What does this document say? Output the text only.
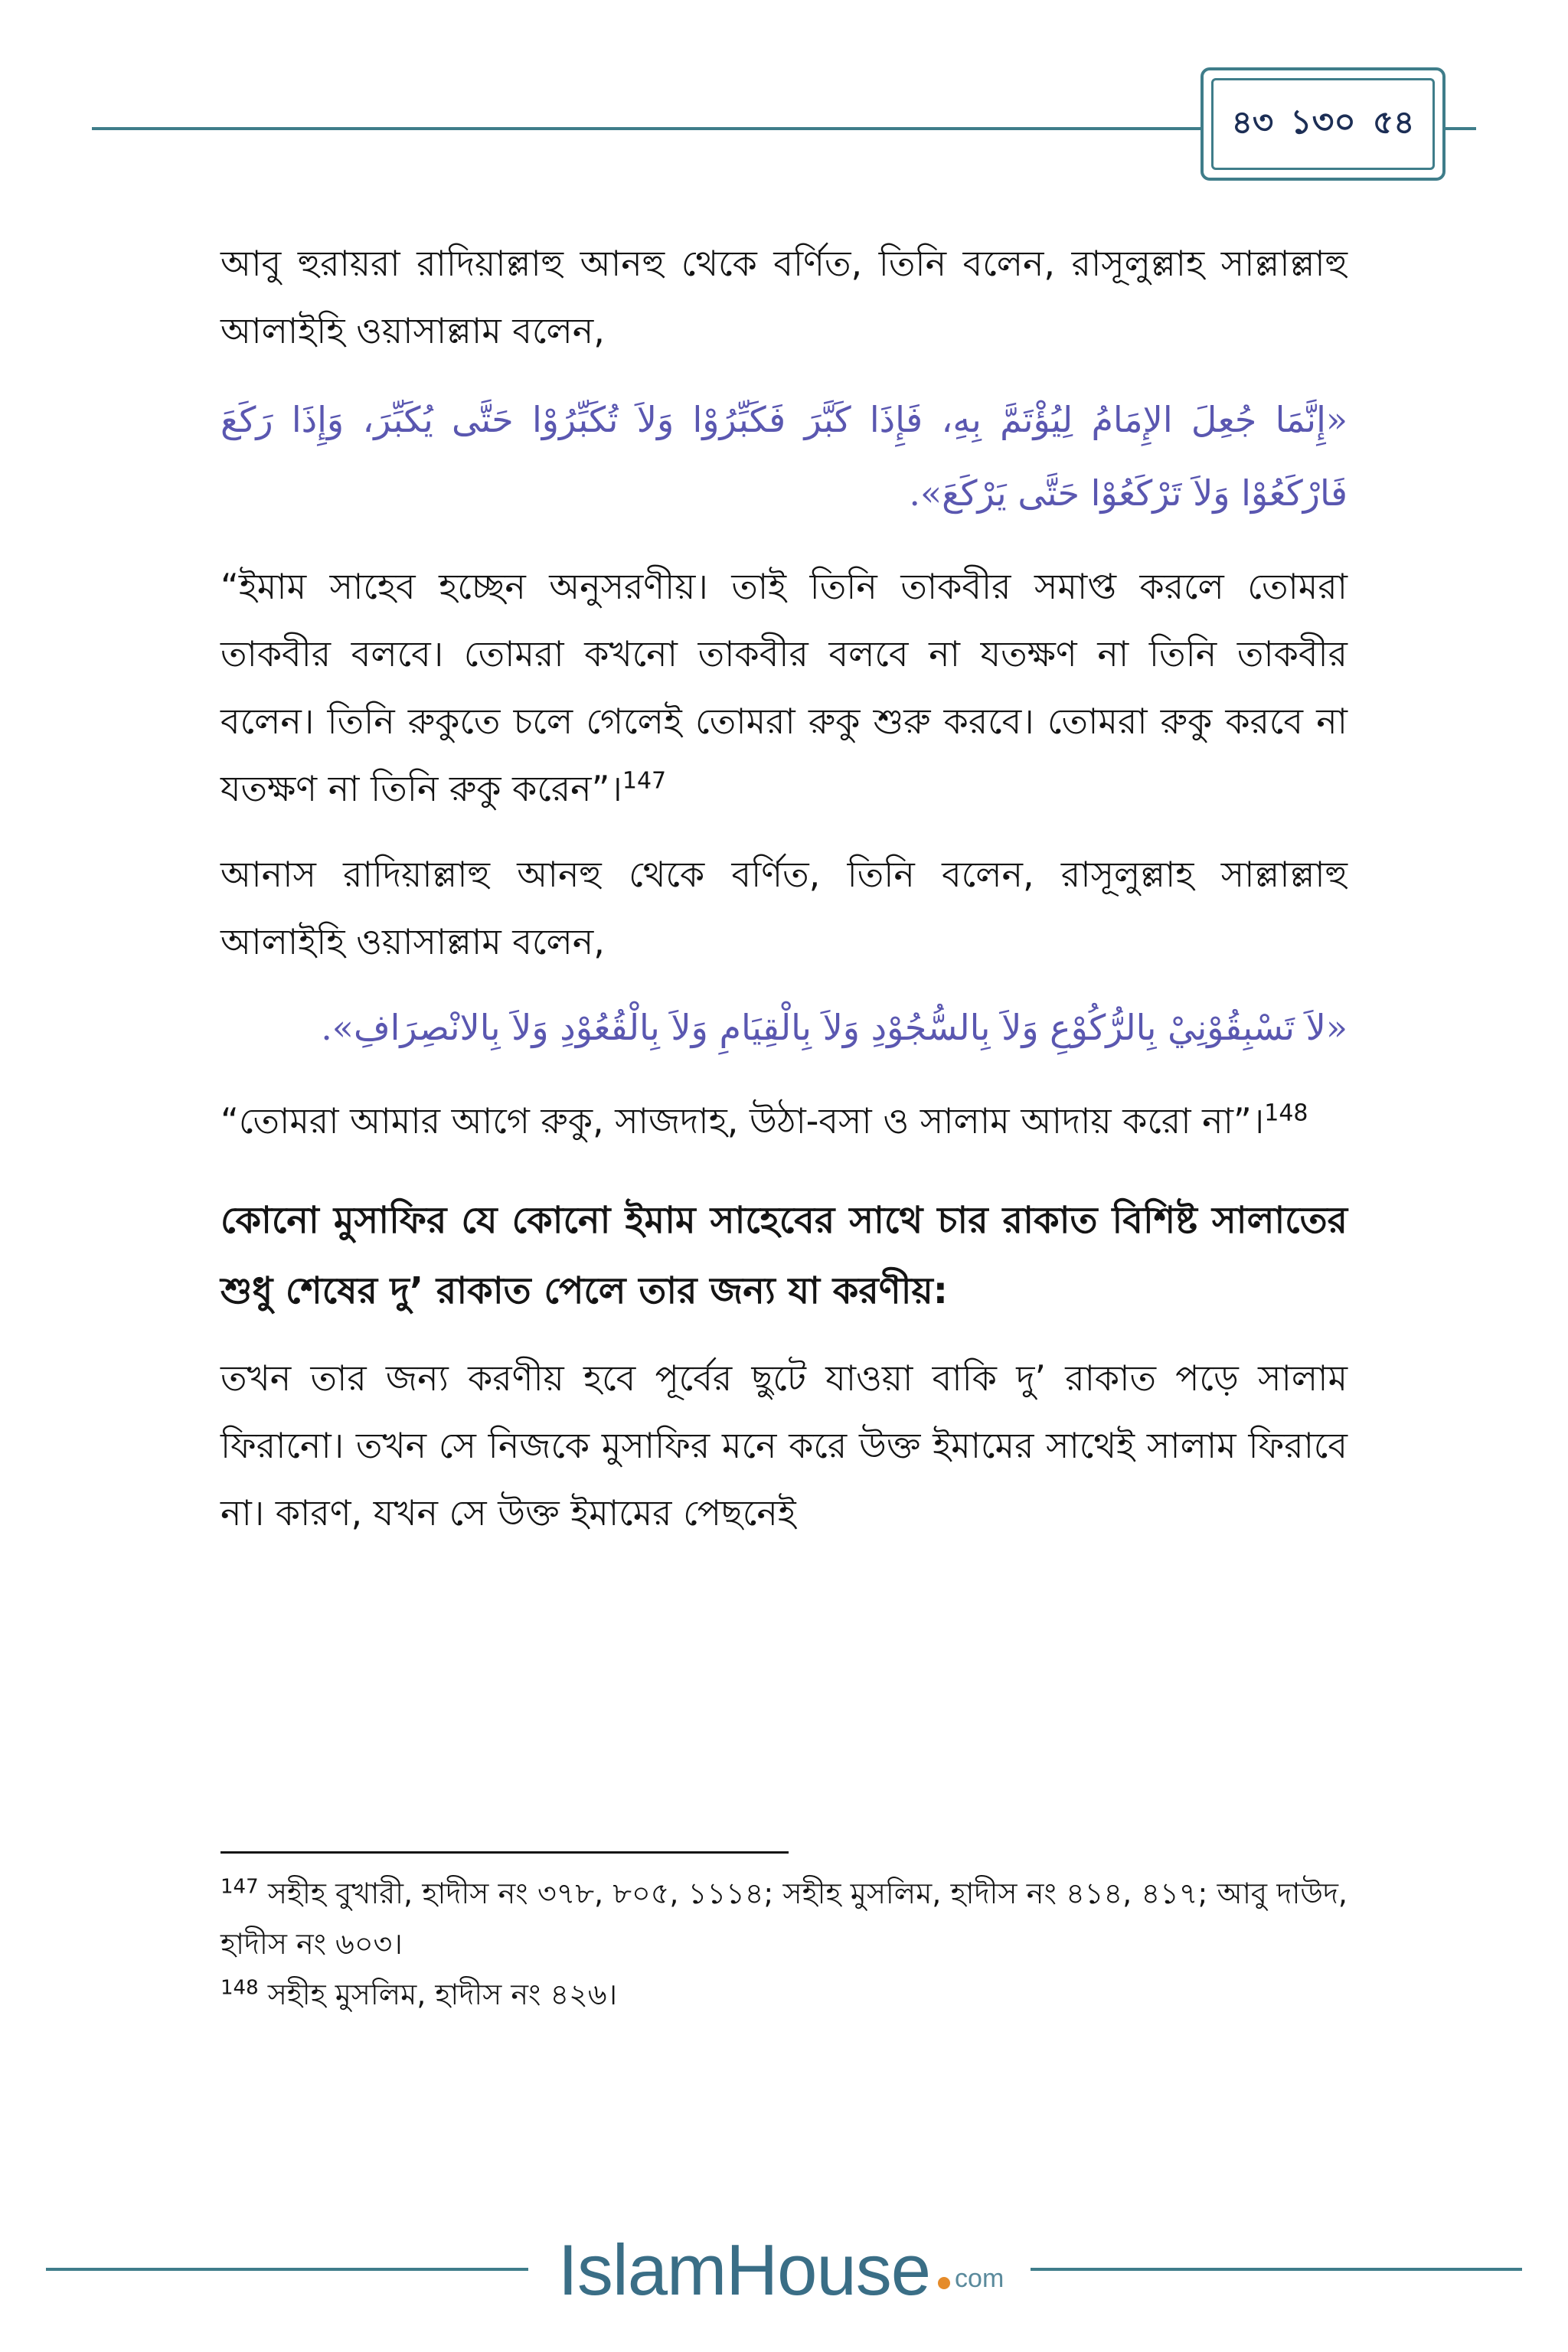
৪৩ ১৩০ ৫৪

আবু হুরায়রা রাদিয়াল্লাহু আনহু থেকে বর্ণিত, তিনি বলেন, রাসূলুল্লাহ সাল্লাল্লাহু আলাইহি ওয়াসাল্লাম বলেন,

«إِنَّمَا جُعِلَ الإِمَامُ لِيُؤْتَمَّ بِهِ، فَإِذَا كَبَّرَ فَكَبِّرُوْا وَلاَ تُكَبِّرُوْا حَتَّى يُكَبِّرَ، وَإِذَا رَكَعَ فَارْكَعُوْا وَلاَ تَرْكَعُوْا حَتَّى يَرْكَعَ».

“ইমাম সাহেব হচ্ছেন অনুসরণীয়। তাই তিনি তাকবীর সমাপ্ত করলে তোমরা তাকবীর বলবে। তোমরা কখনো তাকবীর বলবে না যতক্ষণ না তিনি তাকবীর বলেন। তিনি রুকুতে চলে গেলেই তোমরা রুকু শুরু করবে। তোমরা রুকু করবে না যতক্ষণ না তিনি রুকু করেন”।$^{147}$

আনাস রাদিয়াল্লাহু আনহু থেকে বর্ণিত, তিনি বলেন, রাসূলুল্লাহ সাল্লাল্লাহু আলাইহি ওয়াসাল্লাম বলেন,

«لاَ تَسْبِقُوْنِيْ بِالرُّكُوْعِ وَلاَ بِالسُّجُوْدِ وَلاَ بِالْقِيَامِ وَلاَ بِالْقُعُوْدِ وَلاَ بِالانْصِرَافِ».

“তোমরা আমার আগে রুকু, সাজদাহ, উঠা-বসা ও সালাম আদায় করো না”।$^{148}$

কোনো মুসাফির যে কোনো ইমাম সাহেবের সাথে চার রাকাত বিশিষ্ট সালাতের শুধু শেষের দু’ রাকাত পেলে তার জন্য যা করণীয়:

তখন তার জন্য করণীয় হবে পূর্বের ছুটে যাওয়া বাকি দু’ রাকাত পড়ে সালাম ফিরানো। তখন সে নিজকে মুসাফির মনে করে উক্ত ইমামের সাথেই সালাম ফিরাবে না। কারণ, যখন সে উক্ত ইমামের পেছনেই

$^{147}$ সহীহ বুখারী, হাদীস নং ৩৭৮, ৮০৫, ১১১৪; সহীহ মুসলিম, হাদীস নং ৪১৪, ৪১৭; আবু দাউদ, হাদীস নং ৬০৩।

$^{148}$ সহীহ মুসলিম, হাদীস নং ৪২৬।

IslamHouse com
